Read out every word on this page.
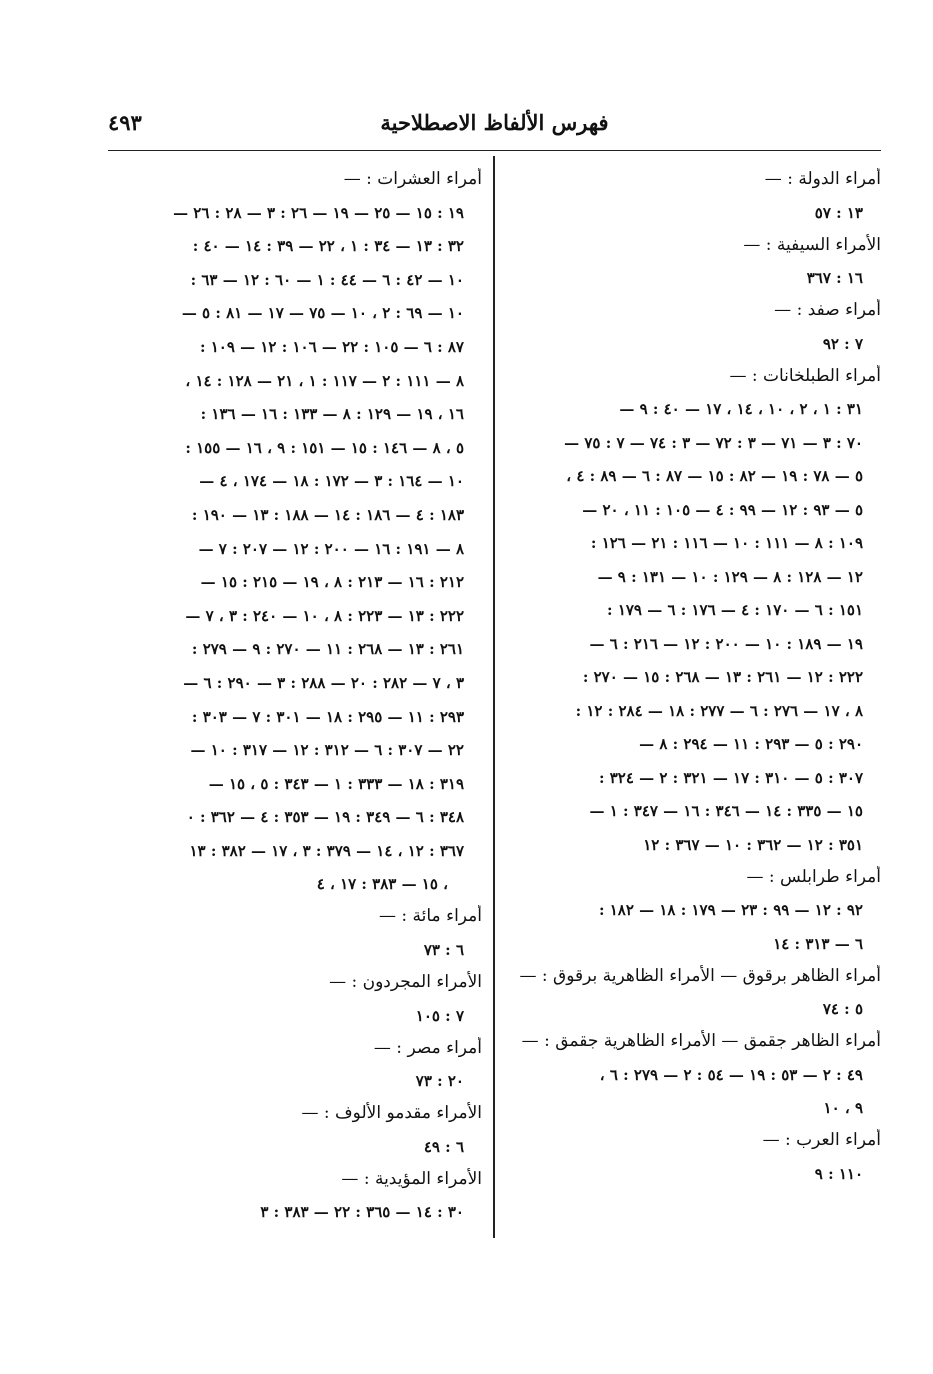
فهرس الألفاظ الاصطلاحية
٤٩٣
أمراء الدولة : —
١٣ : ٥٧
الأمراء السيفية : —
١٦ : ٣٦٧
أمراء صفد : —
٧ : ٩٢
أمراء الطبلخانات : —
٣١ : ١ ، ٢ ، ١٠ ، ١٤ ، ١٧ — ٤٠ : ٩ —
٧٠ : ٣ — ٧١ — ٣ : ٧٢ — ٣ : ٧٤ — ٧ : ٧٥ —
٥ — ٧٨ : ١٩ — ٨٢ : ١٥ — ٨٧ : ٦ — ٨٩ : ٤ ،
٥ — ٩٣ : ١٢ — ٩٩ : ٤ — ١٠٥ : ١١ ، ٢٠ —
١٠٩ : ٨ — ١١١ : ١٠ — ١١٦ : ٢١ — ١٢٦ :
١٢ — ١٢٨ : ٨ — ١٢٩ : ١٠ — ١٣١ : ٩ —
١٥١ : ٦ — ١٧٠ : ٤ — ١٧٦ : ٦ — ١٧٩ :
١٩ — ١٨٩ : ١٠ — ٢٠٠ : ١٢ — ٢١٦ : ٦ —
٢٢٢ : ١٢ — ٢٦١ : ١٣ — ٢٦٨ : ١٥ — ٢٧٠ :
٨ ، ١٧ — ٢٧٦ : ٦ — ٢٧٧ : ١٨ — ٢٨٤ : ١٢ :
٢٩٠ : ٥ — ٢٩٣ : ١١ — ٢٩٤ : ٨ —
٣٠٧ : ٥ — ٣١٠ : ١٧ — ٣٢١ : ٢ — ٣٢٤ :
١٥ — ٣٣٥ : ١٤ — ٣٤٦ : ١٦ — ٣٤٧ : ١ —
٣٥١ : ١٢ — ٣٦٢ : ١٠ — ٣٦٧ : ١٢
أمراء طرابلس : —
٩٢ : ١٢ — ٩٩ : ٢٣ — ١٧٩ : ١٨ — ١٨٢ :
٦ — ٣١٣ : ١٤
أمراء الظاهر برقوق — الأمراء الظاهرية برقوق : —
٥ : ٧٤
أمراء الظاهر جقمق — الأمراء الظاهرية جقمق : —
٤٩ : ٢ — ٥٣ : ١٩ — ٥٤ : ٢ — ٢٧٩ : ٦ ،
٩ ، ١٠
أمراء العرب : —
١١٠ : ٩
أمراء العشرات : —
١٩ : ١٥ — ٢٥ — ١٩ — ٢٦ : ٣ — ٢٨ : ٢٦ —
٣٢ : ١٣ — ٣٤ : ١ ، ٢٢ — ٣٩ : ١٤ — ٤٠ :
١٠ — ٤٢ : ٦ — ٤٤ : ١ — ٦٠ : ١٢ — ٦٣ :
١٠ — ٦٩ : ٢ ، ١٠ — ٧٥ — ١٧ — ٨١ : ٥ —
٨٧ : ٦ — ١٠٥ : ٢٢ — ١٠٦ : ١٢ — ١٠٩ :
٨ — ١١١ : ٢ — ١١٧ : ١ ، ٢١ — ١٢٨ : ١٤ ،
١٦ ، ١٩ — ١٢٩ : ٨ — ١٣٣ : ١٦ — ١٣٦ :
٥ ، ٨ — ١٤٦ : ١٥ — ١٥١ : ٩ ، ١٦ — ١٥٥ :
١٠ — ١٦٤ : ٣ — ١٧٢ : ١٨ — ١٧٤ ، ٤ —
١٨٣ : ٤ — ١٨٦ : ١٤ — ١٨٨ : ١٣ — ١٩٠ :
٨ — ١٩١ : ١٦ — ٢٠٠ : ١٢ — ٢٠٧ : ٧ —
٢١٢ : ١٦ — ٢١٣ : ٨ ، ١٩ — ٢١٥ : ١٥ —
٢٢٢ : ١٣ — ٢٢٣ : ٨ ، ١٠ — ٢٤٠ : ٣ ، ٧ —
٢٦١ : ١٣ — ٢٦٨ : ١١ — ٢٧٠ : ٩ — ٢٧٩ :
٣ ، ٧ — ٢٨٢ : ٢٠ — ٢٨٨ : ٣ — ٢٩٠ : ٦ —
٢٩٣ : ١١ — ٢٩٥ : ١٨ — ٣٠١ : ٧ — ٣٠٣ :
٢٢ — ٣٠٧ : ٦ — ٣١٢ : ١٢ — ٣١٧ : ١٠ —
٣١٩ : ١٨ — ٣٣٣ : ١ — ٣٤٣ : ٥ ، ١٥ —
٣٤٨ : ٦ — ٣٤٩ : ١٩ — ٣٥٣ : ٤ — ٣٦٢ : ٠
٣٦٧ : ١٢ ، ١٤ — ٣٧٩ : ٣ ، ١٧ — ٣٨٢ : ١٣
، ١٥ — ٣٨٣ : ١٧ ، ٤
أمراء مائة : —
٦ : ٧٣
الأمراء المجردون : —
٧ : ١٠٥
أمراء مصر : —
٢٠ : ٧٣
الأمراء مقدمو الألوف : —
٦ : ٤٩
الأمراء المؤيدية : —
٣٠ : ١٤ — ٣٦٥ : ٢٢ — ٣٨٣ : ٣
